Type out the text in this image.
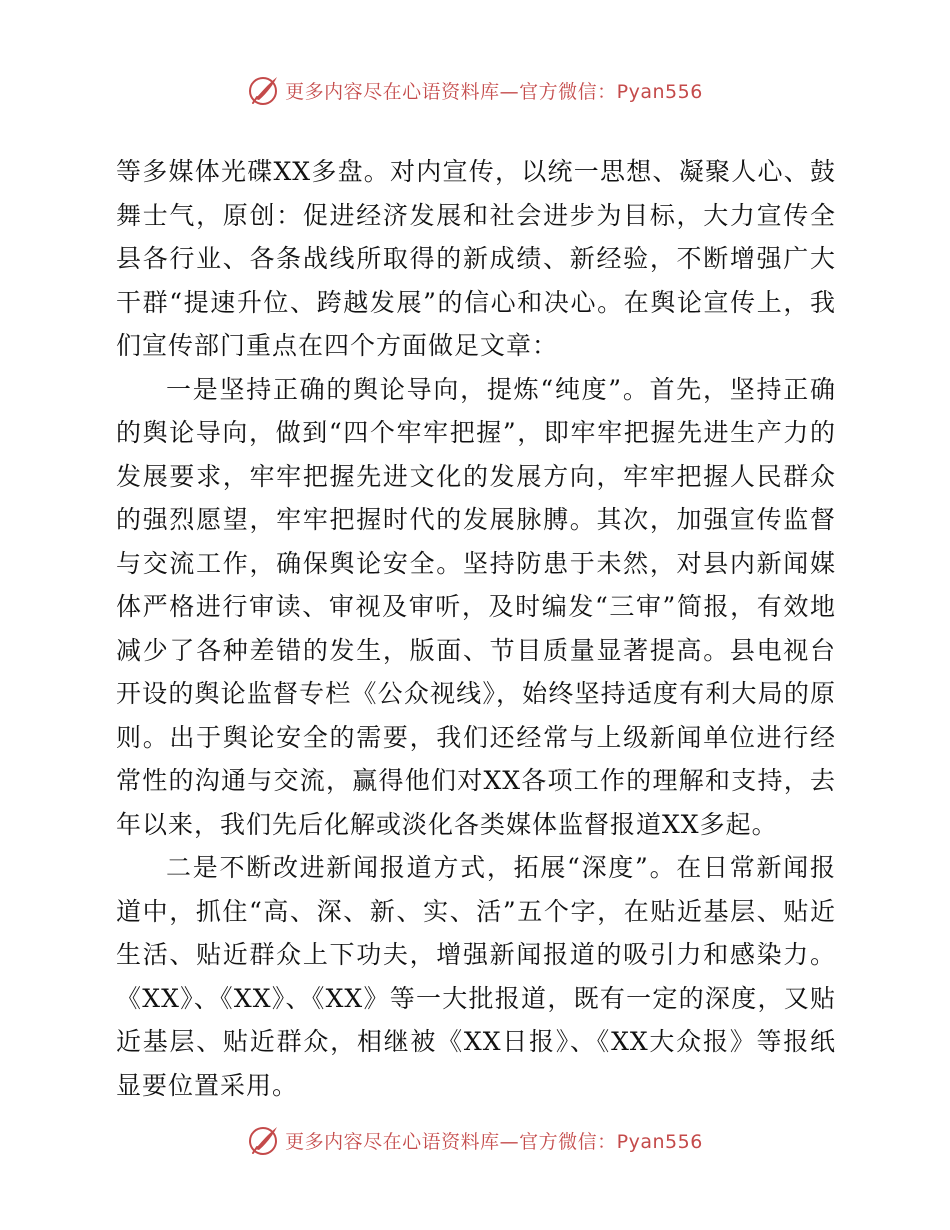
更多内容尽在心语资料库—官方微信：Pyan556

等多媒体光碟XX多盘。对内宣传，以统一思想、凝聚人心、鼓舞士气，原创：促进经济发展和社会进步为目标，大力宣传全县各行业、各条战线所取得的新成绩、新经验，不断增强广大干群“提速升位、跨越发展”的信心和决心。在舆论宣传上，我们宣传部门重点在四个方面做足文章：

一是坚持正确的舆论导向，提炼“纯度”。首先，坚持正确的舆论导向，做到“四个牢牢把握”，即牢牢把握先进生产力的发展要求，牢牢把握先进文化的发展方向，牢牢把握人民群众的强烈愿望，牢牢把握时代的发展脉膊。其次，加强宣传监督与交流工作，确保舆论安全。坚持防患于未然，对县内新闻媒体严格进行审读、审视及审听，及时编发“三审”简报，有效地减少了各种差错的发生，版面、节目质量显著提高。县电视台开设的舆论监督专栏《公众视线》，始终坚持适度有利大局的原则。出于舆论安全的需要，我们还经常与上级新闻单位进行经常性的沟通与交流，赢得他们对XX各项工作的理解和支持，去年以来，我们先后化解或淡化各类媒体监督报道XX多起。

二是不断改进新闻报道方式，拓展“深度”。在日常新闻报道中，抓住“高、深、新、实、活”五个字，在贴近基层、贴近生活、贴近群众上下功夫，增强新闻报道的吸引力和感染力。《XX》、《XX》、《XX》等一大批报道，既有一定的深度，又贴近基层、贴近群众，相继被《XX日报》、《XX大众报》等报纸显要位置采用。

更多内容尽在心语资料库—官方微信：Pyan556
